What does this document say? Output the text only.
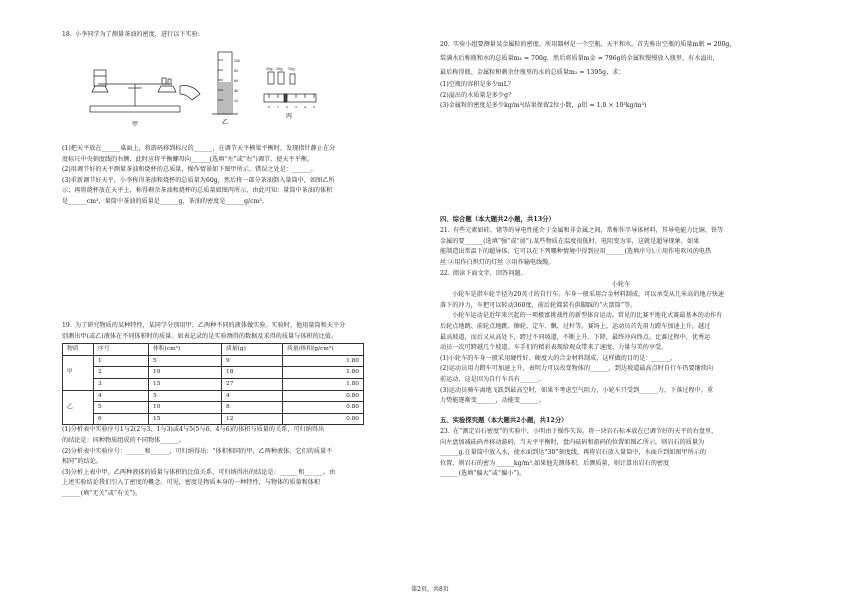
18. 小李同学为了测量茶油的密度，进行以下实验:

甲
100
80
60
40
20
乙
20g 20g 10g
0 1 2 3 4 5
丙

(1)把天平放在______桌面上，将游码移到标尺的______，在调节天平横梁平衡时，发现指针静止在分

度标尺中央刻度线的右侧，此时应将平衡螺母向______(选填“左”或“右”)调节，使天平平衡。

(2)用调节好的天平测量茶油和烧杯的总质量，操作情景如下图甲所示，错误之处是：______。

(3)重新调节好天平，小李称得茶油和烧杯的总质量为60g，然后将一部分茶油倒入量筒中，如图乙所

示；再将烧杯放在天平上，称得剩余茶油和烧杯的总质量如图丙所示，由此可知：量筒中茶油的体积

是______cm³，量筒中茶油的质量是______g，茶油的密度是______g/cm³。

19. 为了研究物质的某种特性，某同学分别用甲、乙两种不同的液体做实验。实验时，他用量筒和天平分

别测出甲(或乙)液体在不同体积时的质量。如表记录的是实验测得的数据及求得的质量与体积的比值。

物质	序号	体积(cm³)	质量(g)	质量/体积(g/cm³)
甲	1	5	9	1.80
	2	10	18	1.80
	3	15	27	1.80
乙	4	5	4	0.80
	5	10	8	0.80
	6	15	12	0.80

(1)分析表中实验序号1与2(2与3、1与3)或4与5(5与6、4与6)的体积与质量的关系，可归纳得出

的结论是：同种物质组成的不同物体______。

(2)分析表中实验序号：______和______，可归纳得出：“体积相同的甲、乙两种液体，它们的质量不

相同”的结论。

(3)分析上表中甲、乙两种液体的质量与体积的比值关系，可归纳得出的结论是：______和______。由

上述实验结论我们引入了密度的概念。可见，密度是物质本身的一种特性，与物体的质量和体积

______(填“无关”或“有关”)。

20. 实验小组要测量某金属粒的密度，所用器材是一个空瓶、天平和水。首先称出空瓶的质量m瓶 = 200g，

装满水后称瓶和水的总质量m₁ = 700g，然后将质量m金 = 796g的金属粒慢慢放入瓶里，有水溢出，

最后称得瓶、金属粒和剩余住瓶里的水的总质量m₂ = 1395g，求：

(1)空瓶的容积是多少mL？

(2)溢出的水质量是多少g？

(3)金属粒的密度是多少kg/m³(结果保留2位小数，ρ铝 = 1.0 × 10³kg/m³)

四、综合题（本大题共2小题，共13分）

21. 有些元素如硅、锗等的导电性能介于金属和非金属之间，常称作半导体材料，其导电能力比铜、铁等

金属的要______(选填“强”或“弱”).某些物质在温度很低时，电阻变为零，这就是超导现象。如果

能制造出常温下的超导体，它可以在下列哪种情境中得到应用______(选填序号).①用作电吹风的电热

丝 ②用作白炽灯的灯丝 ③用作输电线缆。

22. 阅读下面文字，回答问题。

小轮车

小轮车是指车轮半径为20英寸的自行车。车身一般采用合金材料制成，可以承受从几米高的地方快速

落下的冲力，车把可以转动360度，前后轮都装有供脚踩的“火箭筒”等。

小轮车运动是近年来兴起的一项极富挑战性的新型体育运动。常见的比赛平地花式赛最基本的动作有

后轮点地跳、前轮点地跳、擦轮、定车、飘、过杆等。赛场上，运动员首先用力蹬车加速上升，越过

最高坡道，而后又从高处下，跨过不同坡道，不断上升、下降，最终冲向终点。比赛过程中，优秀运

动员一次可跨越几个坡道。车手们的精彩表现给观众带来了速度、力量与美的享受。

(1)小轮车的车身一般采用硬性好、硬度大的合金材料制成，这样做的目的是：______。

(2)运动员用力蹬车可加速上升，表明力可以改变物体的______，到达坡道最高点时自行车仍要继续向

前运动，这是因为自行车具有______。

(3)运动员骑车离地飞跃到最高空时，如果不考虑空气阻力，小轮车只受到______力，下落过程中，重

力势能逐渐变______，动能变______。

五、实验探究题（本大题共2小题，共12分）

23. 在“测定岩石密度”的实验中，小明由于操作失误，将一块岩石标本放在已调节好的天平的右盘里，

向左盘加减砝码并移动游码，当天平平衡时，盘内砝码和游码的位置如图乙所示，则岩石的质量为

______g.在量筒中放入水，使水面到达“30”刻度线，再将岩石放入量筒中，水面升到如图甲所示的

位置，则岩石的密为______kg/m³.如果他先测体积，后测质量，则计算出岩石的密度

______(选填“偏大”或“偏小”)。

第2页，共8页
